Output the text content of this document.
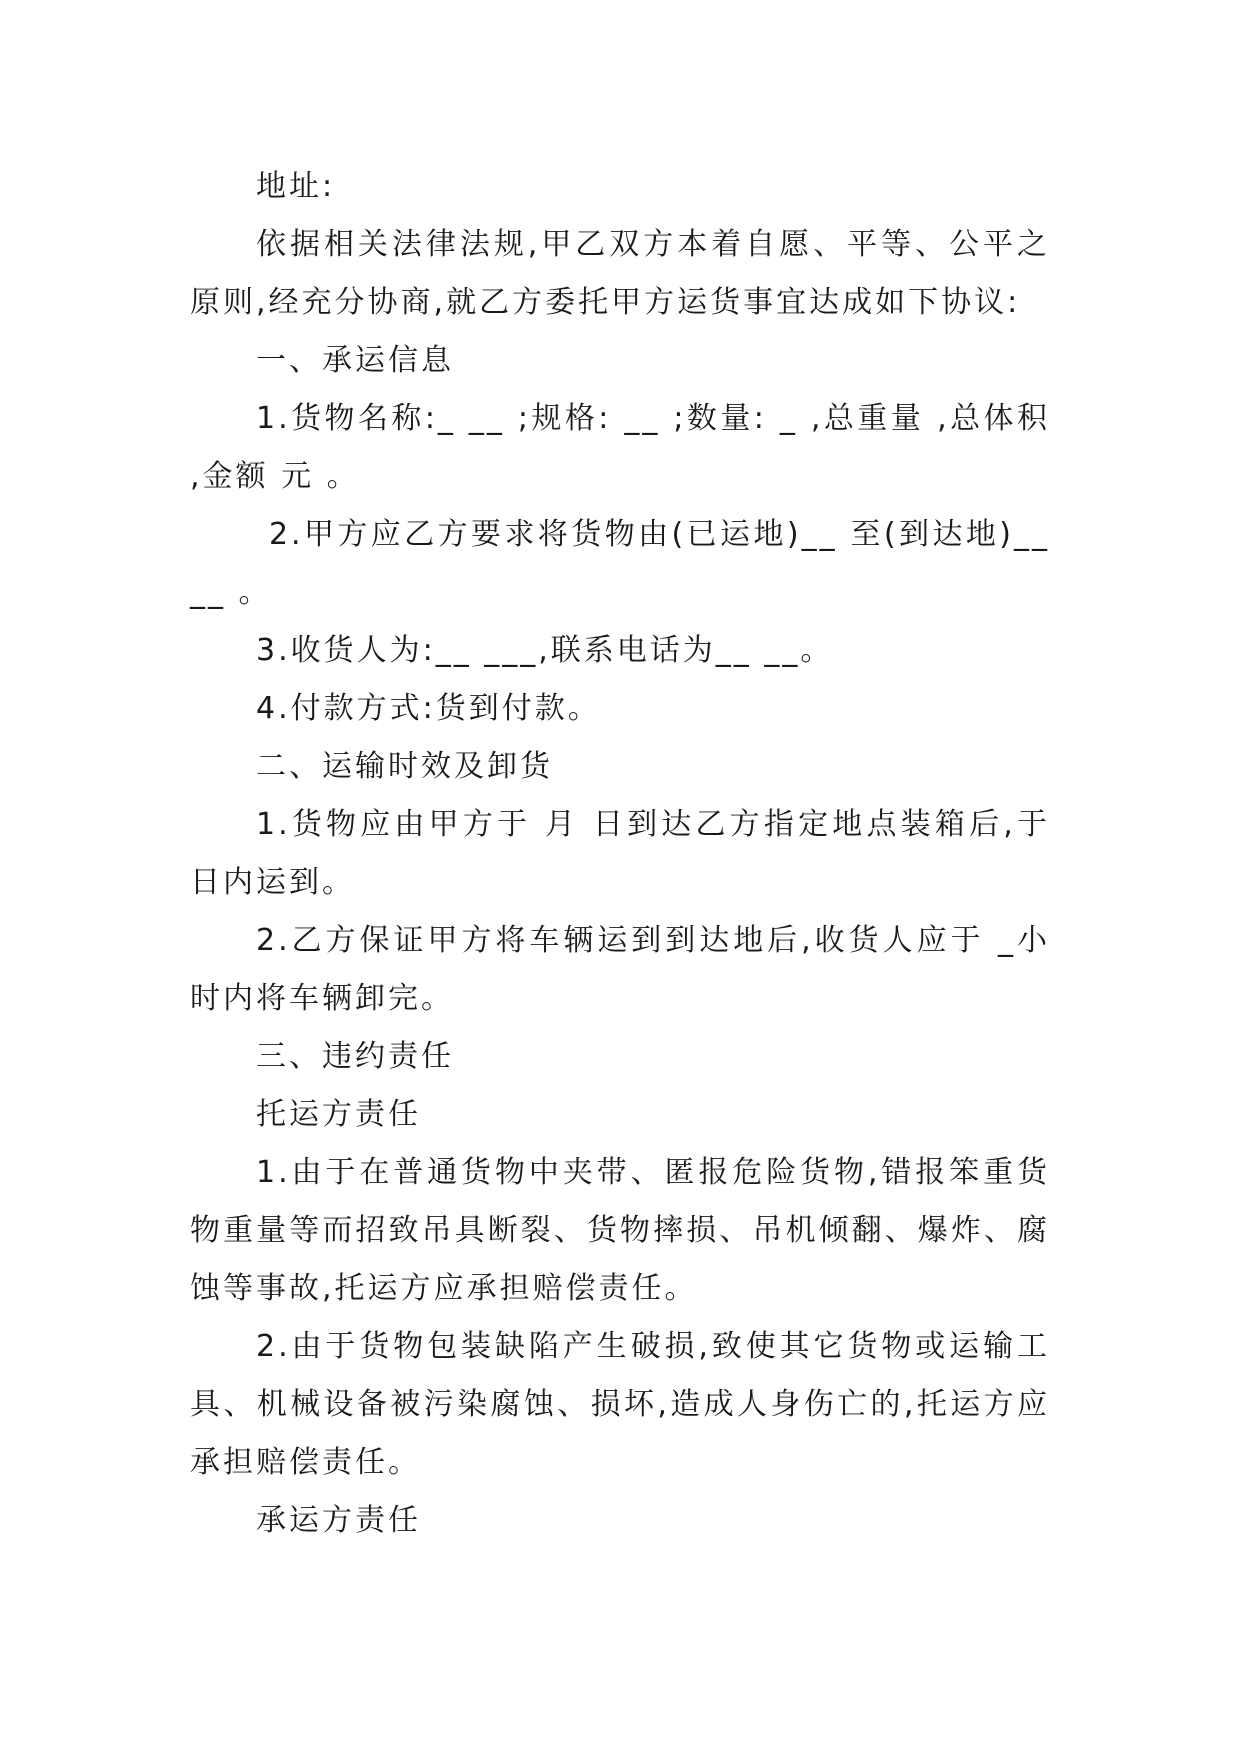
地址:

依据相关法律法规,甲乙双方本着自愿、平等、公平之原则,经充分协商,就乙方委托甲方运货事宜达成如下协议:

一、承运信息

1.货物名称:_ __ ;规格: __ ;数量: _ ,总重量 ,总体积 ,金额 元 。

2.甲方应乙方要求将货物由(已运地)__ 至(到达地)____ 。

3.收货人为:__ ___,联系电话为__ __。

4.付款方式:货到付款。

二、运输时效及卸货

1.货物应由甲方于 月 日到达乙方指定地点装箱后,于 日内运到。

2.乙方保证甲方将车辆运到到达地后,收货人应于 _小时内将车辆卸完。

三、违约责任

托运方责任

1.由于在普通货物中夹带、匿报危险货物,错报笨重货物重量等而招致吊具断裂、货物摔损、吊机倾翻、爆炸、腐蚀等事故,托运方应承担赔偿责任。

2.由于货物包装缺陷产生破损,致使其它货物或运输工具、机械设备被污染腐蚀、损坏,造成人身伤亡的,托运方应承担赔偿责任。

承运方责任
